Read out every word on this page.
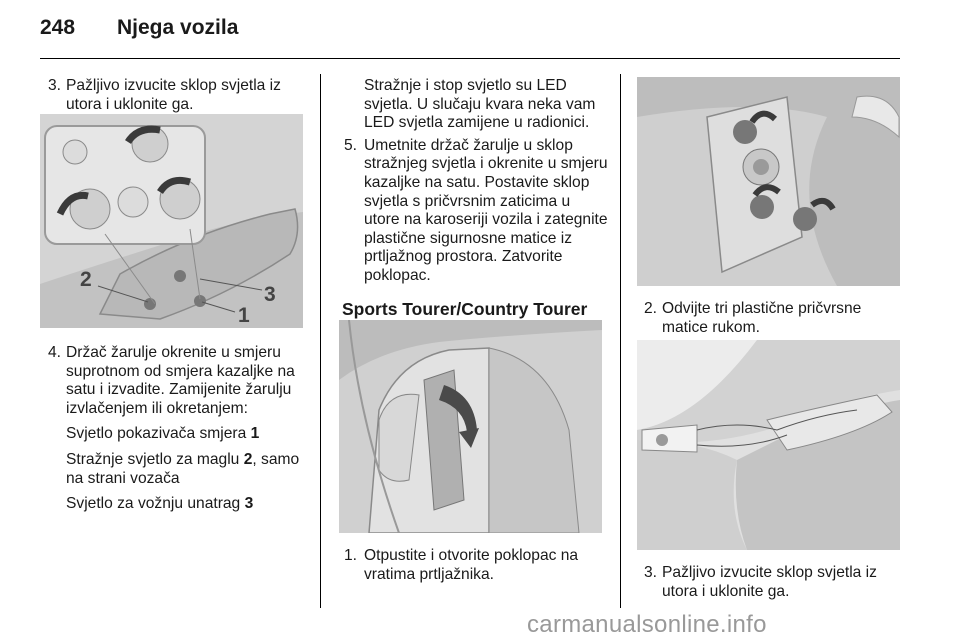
248 Njega vozila
3. Pažljivo izvucite sklop svjetla iz utora i uklonite ga.
2
3
1
4. Držač žarulje okrenite u smjeru suprotnom od smjera kazaljke na satu i izvadite. Zamijenite žarulju izvlačenjem ili okretanjem:
Svjetlo pokazivača smjera 1
Stražnje svjetlo za maglu 2, samo na strani vozača
Svjetlo za vožnju unatrag 3
Stražnje i stop svjetlo su LED svjetla. U slučaju kvara neka vam LED svjetla zamijene u radionici.
5. Umetnite držač žarulje u sklop stražnjeg svjetla i okrenite u smjeru kazaljke na satu. Postavite sklop svjetla s pričvrsnim zaticima u utore na karoseriji vozila i zategnite plastične sigurnosne matice iz prtljažnog prostora. Zatvorite poklopac.
Sports Tourer/Country Tourer
1. Otpustite i otvorite poklopac na vratima prtljažnika.
2. Odvijte tri plastične pričvrsne matice rukom.
3. Pažljivo izvucite sklop svjetla iz utora i uklonite ga.
carmanualsonline.info
